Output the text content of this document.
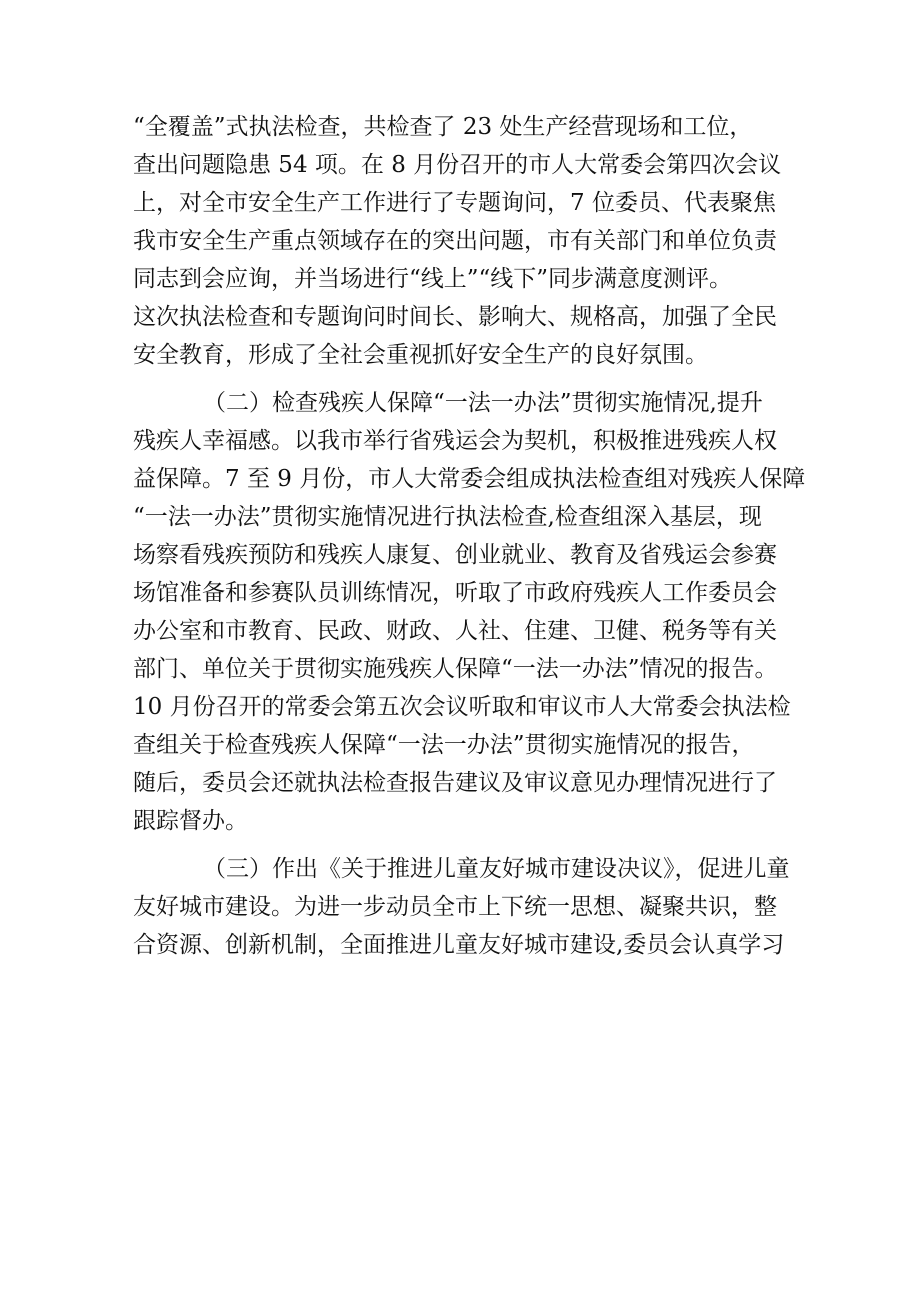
“全覆盖”式执法检查，共检查了 23 处生产经营现场和工位，
查出问题隐患 54 项。在 8 月份召开的市人大常委会第四次会议
上，对全市安全生产工作进行了专题询问，7 位委员、代表聚焦
我市安全生产重点领域存在的突出问题，市有关部门和单位负责
同志到会应询，并当场进行“线上”“线下”同步满意度测评。
这次执法检查和专题询问时间长、影响大、规格高，加强了全民
安全教育，形成了全社会重视抓好安全生产的良好氛围。
（二）检查残疾人保障“一法一办法”贯彻实施情况,提升
残疾人幸福感。以我市举行省残运会为契机，积极推进残疾人权
益保障。7 至 9 月份，市人大常委会组成执法检查组对残疾人保障
“一法一办法”贯彻实施情况进行执法检查,检查组深入基层，现
场察看残疾预防和残疾人康复、创业就业、教育及省残运会参赛
场馆准备和参赛队员训练情况，听取了市政府残疾人工作委员会
办公室和市教育、民政、财政、人社、住建、卫健、税务等有关
部门、单位关于贯彻实施残疾人保障“一法一办法”情况的报告。
10 月份召开的常委会第五次会议听取和审议市人大常委会执法检
查组关于检查残疾人保障“一法一办法”贯彻实施情况的报告，
随后，委员会还就执法检查报告建议及审议意见办理情况进行了
跟踪督办。
（三）作出《关于推进儿童友好城市建设决议》，促进儿童
友好城市建设。为进一步动员全市上下统一思想、凝聚共识，整
合资源、创新机制，全面推进儿童友好城市建设,委员会认真学习
